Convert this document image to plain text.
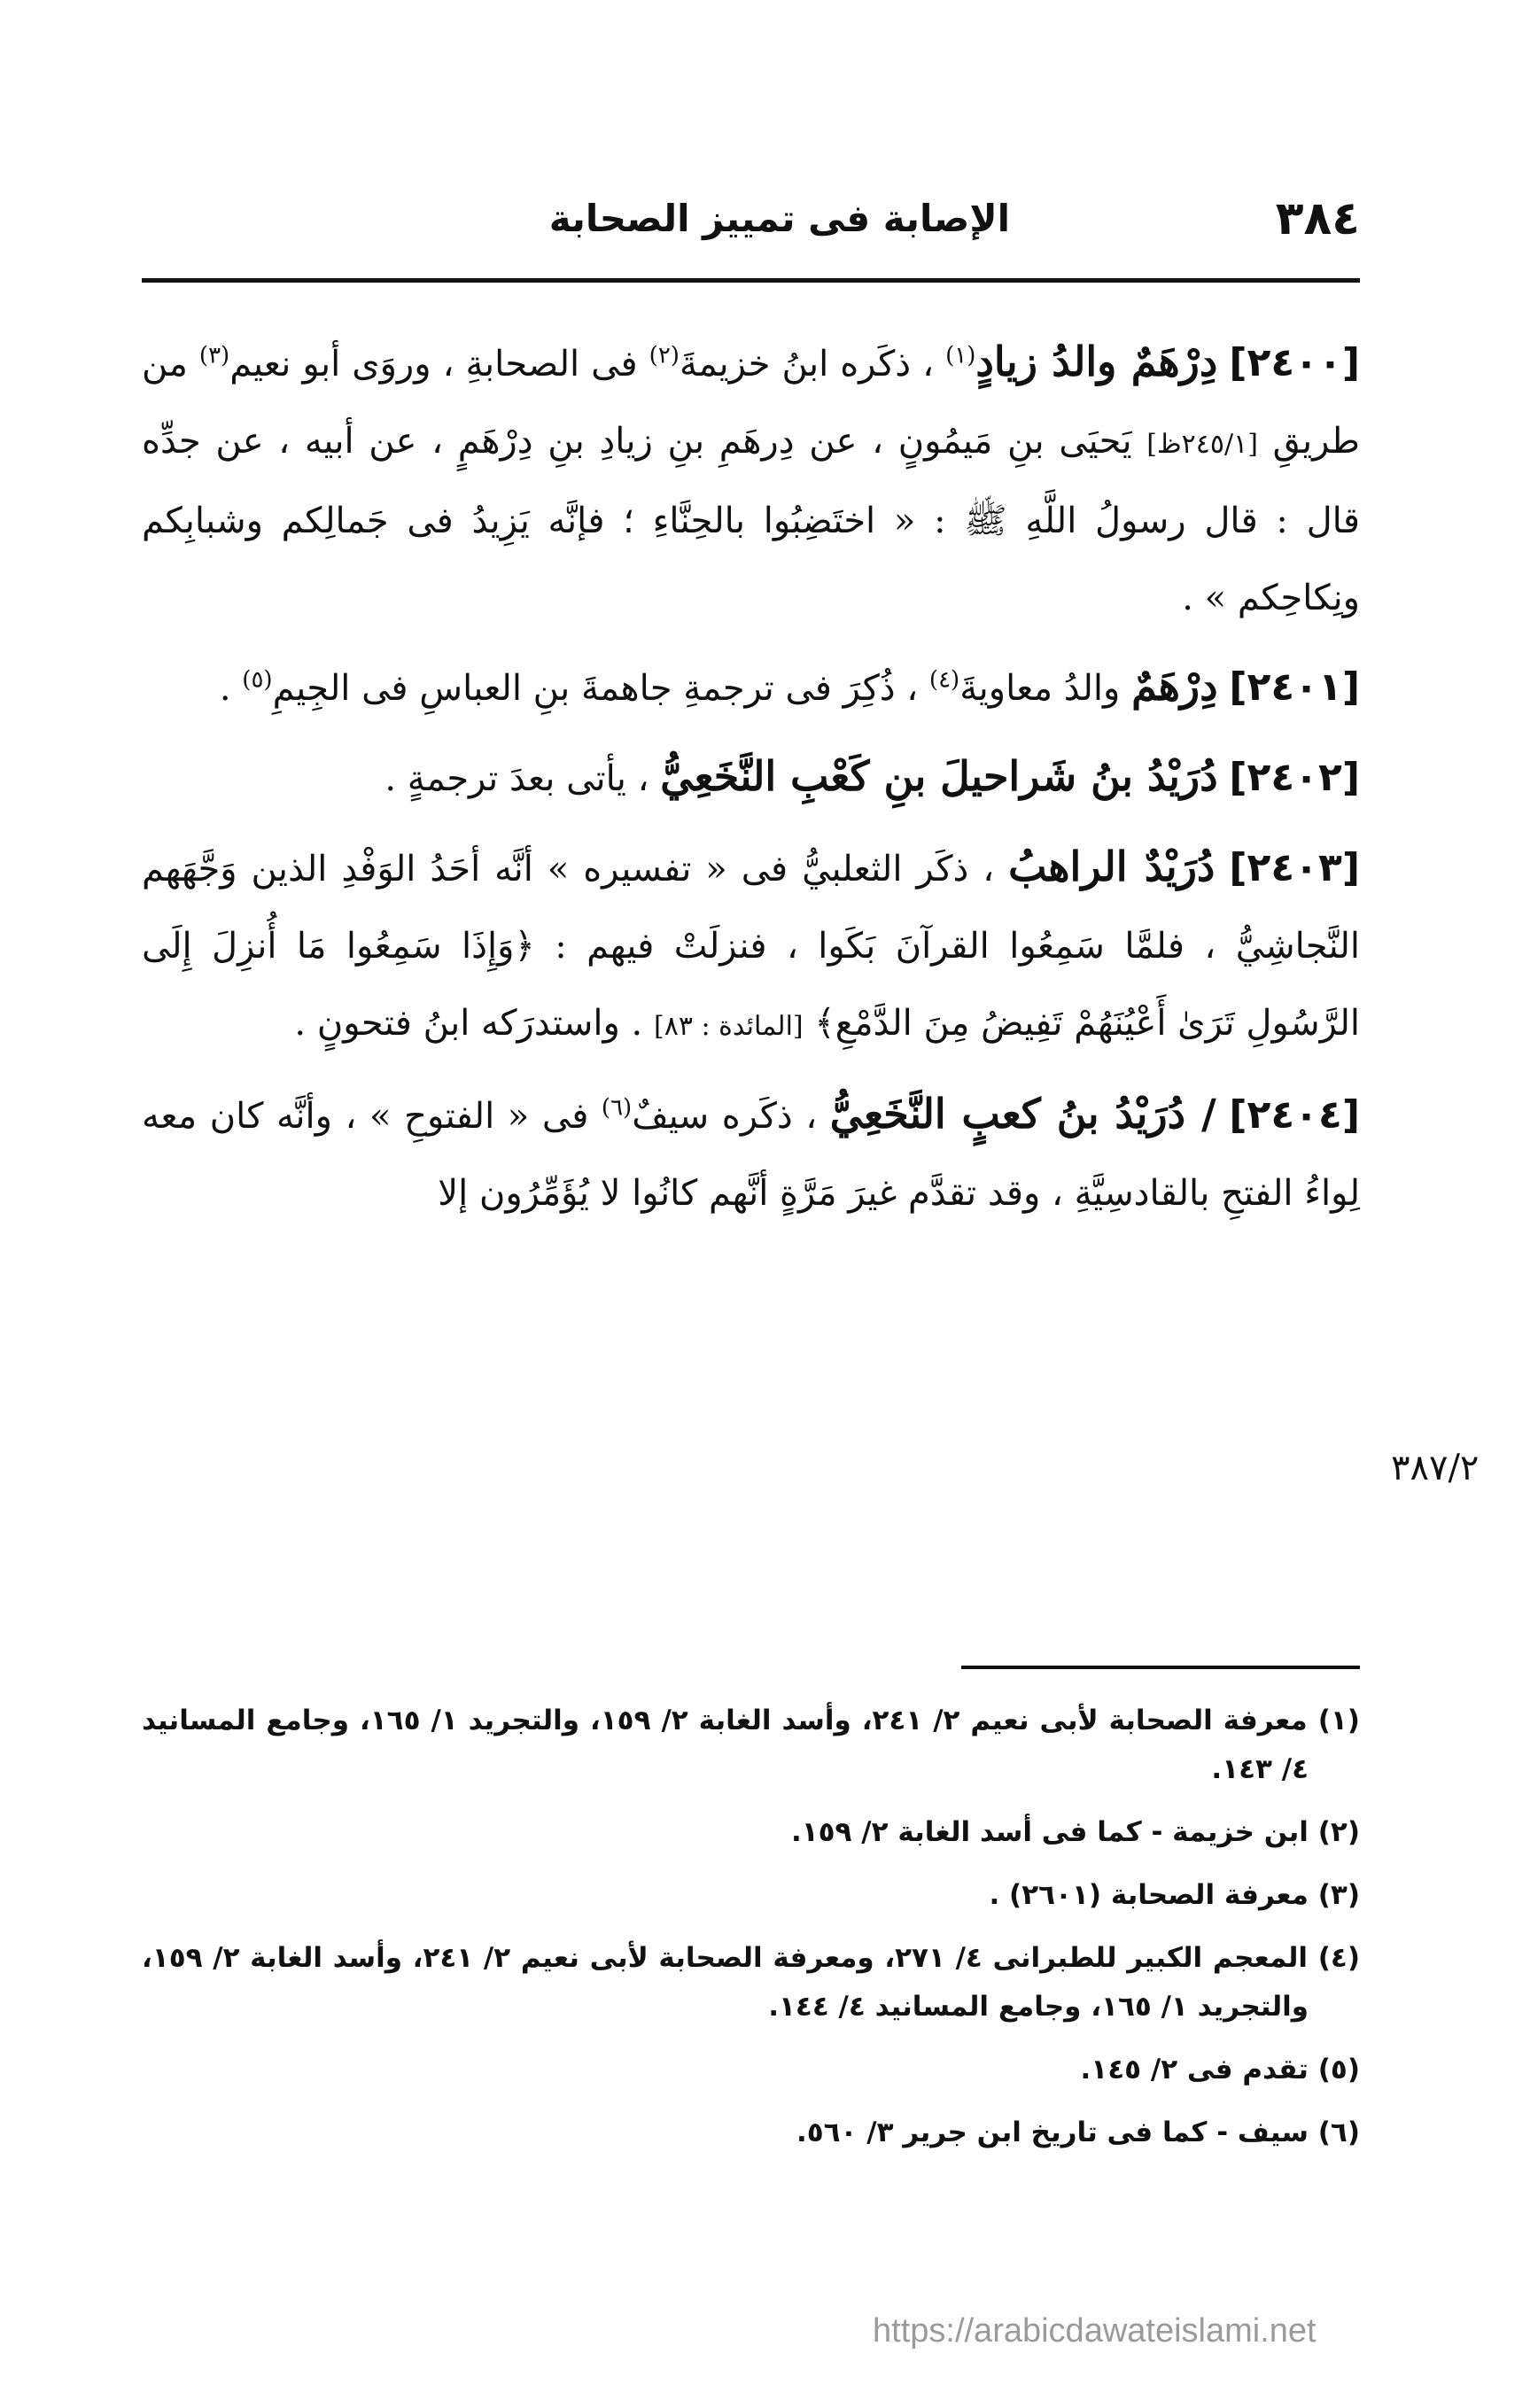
٣٨٤
الإصابة فى تمييز الصحابة

[٢٤٠٠] دِرْهَمٌ والدُ زيادٍ$^{(١)}$ ، ذكَره ابنُ خزيمةَ$^{(٢)}$ فى الصحابةِ ، وروَى أبو نعيم$^{(٣)}$ من طريقِ [٢٤٥/١ظ] يَحيَى بنِ مَيمُونٍ ، عن دِرهَمِ بنِ زيادِ بنِ دِرْهَمٍ ، عن أبيه ، عن جدِّه قال : قال رسولُ اللَّهِ ﷺ : « اختَضِبُوا بالحِنَّاءِ ؛ فإنَّه يَزِيدُ فى جَمالِكم وشبابِكم ونِكاحِكم » .

[٢٤٠١] دِرْهَمٌ والدُ معاويةَ$^{(٤)}$ ، ذُكِرَ فى ترجمةِ جاهمةَ بنِ العباسِ فى الجِيمِ$^{(٥)}$ .

[٢٤٠٢] دُرَيْدُ بنُ شَراحيلَ بنِ كَعْبِ النَّخَعِيُّ ، يأتى بعدَ ترجمةٍ .

[٢٤٠٣] دُرَيْدٌ الراهبُ ، ذكَر الثعلبيُّ فى « تفسيره » أنَّه أحَدُ الوَفْدِ الذين وَجَّهَهم النَّجاشِيُّ ، فلمَّا سَمِعُوا القرآنَ بَكَوا ، فنزلَتْ فيهم : ﴿وَإِذَا سَمِعُوا مَا أُنزِلَ إِلَى الرَّسُولِ تَرَىٰ أَعْيُنَهُمْ تَفِيضُ مِنَ الدَّمْعِ﴾ [المائدة : ٨٣] . واستدرَكه ابنُ فتحونٍ .

[٢٤٠٤] / دُرَيْدُ بنُ كعبٍ النَّخَعِيُّ ، ذكَره سيفٌ$^{(٦)}$ فى « الفتوحِ » ، وأنَّه كان معه لِواءُ الفتحِ بالقادسِيَّةِ ، وقد تقدَّم غيرَ مَرَّةٍ أنَّهم كانُوا لا يُؤَمِّرُون إلا

٣٨٧/٢

(١) معرفة الصحابة لأبى نعيم ٢/ ٢٤١، وأسد الغابة ٢/ ١٥٩، والتجريد ١/ ١٦٥، وجامع المسانيد ٤/ ١٤٣.

(٢) ابن خزيمة - كما فى أسد الغابة ٢/ ١٥٩.

(٣) معرفة الصحابة (٢٦٠١) .

(٤) المعجم الكبير للطبرانى ٤/ ٢٧١، ومعرفة الصحابة لأبى نعيم ٢/ ٢٤١، وأسد الغابة ٢/ ١٥٩، والتجريد ١/ ١٦٥، وجامع المسانيد ٤/ ١٤٤.

(٥) تقدم فى ٢/ ١٤٥.

(٦) سيف - كما فى تاريخ ابن جرير ٣/ ٥٦٠.

https://arabicdawateislami.net
